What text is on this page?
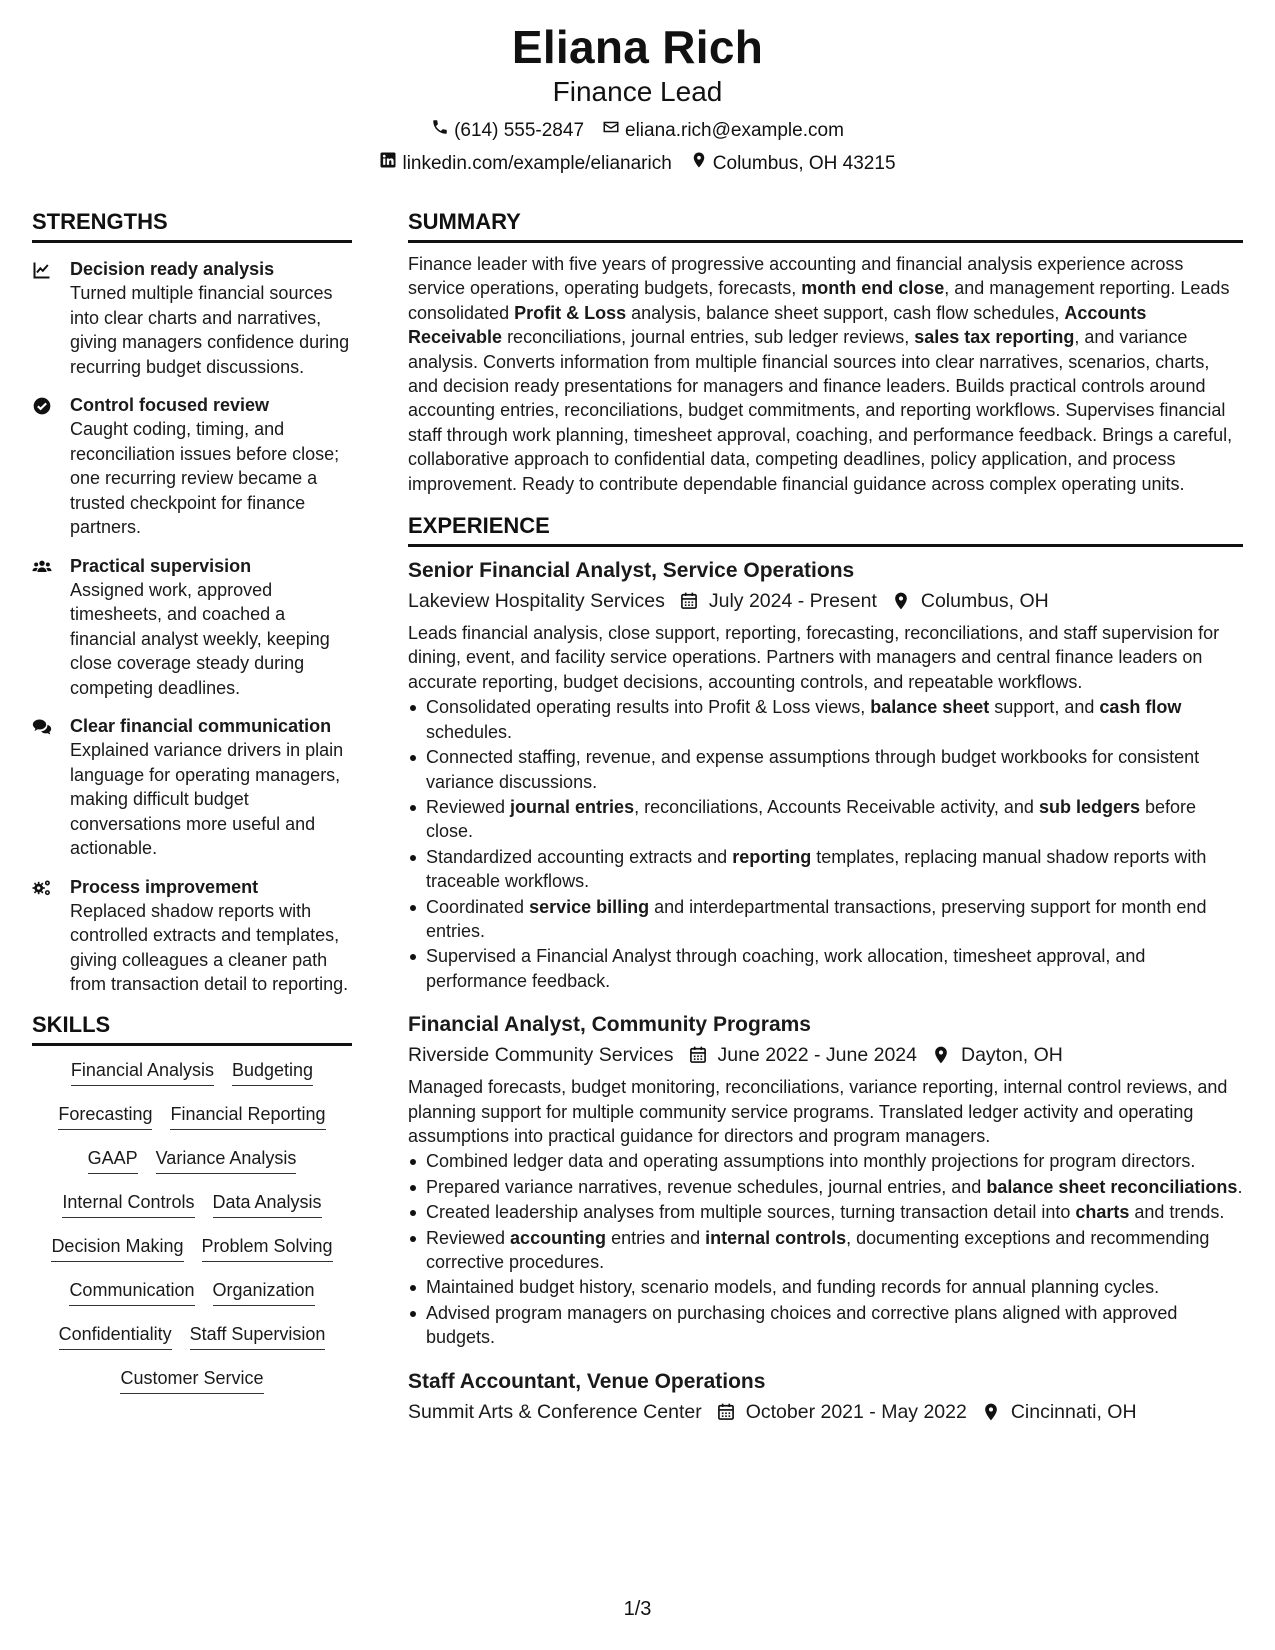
Eliana Rich
Finance Lead
(614) 555-2847 eliana.rich@example.com
linkedin.com/example/elianarich Columbus, OH 43215
STRENGTHS
Decision ready analysis
Turned multiple financial sources into clear charts and narratives, giving managers confidence during recurring budget discussions.
Control focused review
Caught coding, timing, and reconciliation issues before close; one recurring review became a trusted checkpoint for finance partners.
Practical supervision
Assigned work, approved timesheets, and coached a financial analyst weekly, keeping close coverage steady during competing deadlines.
Clear financial communication
Explained variance drivers in plain language for operating managers, making difficult budget conversations more useful and actionable.
Process improvement
Replaced shadow reports with controlled extracts and templates, giving colleagues a cleaner path from transaction detail to reporting.
SKILLS
Financial Analysis Budgeting
Forecasting Financial Reporting
GAAP Variance Analysis
Internal Controls Data Analysis
Decision Making Problem Solving
Communication Organization
Confidentiality Staff Supervision
Customer Service
SUMMARY
Finance leader with five years of progressive accounting and financial analysis experience across service operations, operating budgets, forecasts, month end close, and management reporting. Leads consolidated Profit & Loss analysis, balance sheet support, cash flow schedules, Accounts Receivable reconciliations, journal entries, sub ledger reviews, sales tax reporting, and variance analysis. Converts information from multiple financial sources into clear narratives, scenarios, charts, and decision ready presentations for managers and finance leaders. Builds practical controls around accounting entries, reconciliations, budget commitments, and reporting workflows. Supervises financial staff through work planning, timesheet approval, coaching, and performance feedback. Brings a careful, collaborative approach to confidential data, competing deadlines, policy application, and process improvement. Ready to contribute dependable financial guidance across complex operating units.
EXPERIENCE
Senior Financial Analyst, Service Operations
Lakeview Hospitality Services July 2024 - Present Columbus, OH
Leads financial analysis, close support, reporting, forecasting, reconciliations, and staff supervision for dining, event, and facility service operations. Partners with managers and central finance leaders on accurate reporting, budget decisions, accounting controls, and repeatable workflows.
Consolidated operating results into Profit & Loss views, balance sheet support, and cash flow schedules.
Connected staffing, revenue, and expense assumptions through budget workbooks for consistent variance discussions.
Reviewed journal entries, reconciliations, Accounts Receivable activity, and sub ledgers before close.
Standardized accounting extracts and reporting templates, replacing manual shadow reports with traceable workflows.
Coordinated service billing and interdepartmental transactions, preserving support for month end entries.
Supervised a Financial Analyst through coaching, work allocation, timesheet approval, and performance feedback.
Financial Analyst, Community Programs
Riverside Community Services June 2022 - June 2024 Dayton, OH
Managed forecasts, budget monitoring, reconciliations, variance reporting, internal control reviews, and planning support for multiple community service programs. Translated ledger activity and operating assumptions into practical guidance for directors and program managers.
Combined ledger data and operating assumptions into monthly projections for program directors.
Prepared variance narratives, revenue schedules, journal entries, and balance sheet reconciliations.
Created leadership analyses from multiple sources, turning transaction detail into charts and trends.
Reviewed accounting entries and internal controls, documenting exceptions and recommending corrective procedures.
Maintained budget history, scenario models, and funding records for annual planning cycles.
Advised program managers on purchasing choices and corrective plans aligned with approved budgets.
Staff Accountant, Venue Operations
Summit Arts & Conference Center October 2021 - May 2022 Cincinnati, OH
1/3
